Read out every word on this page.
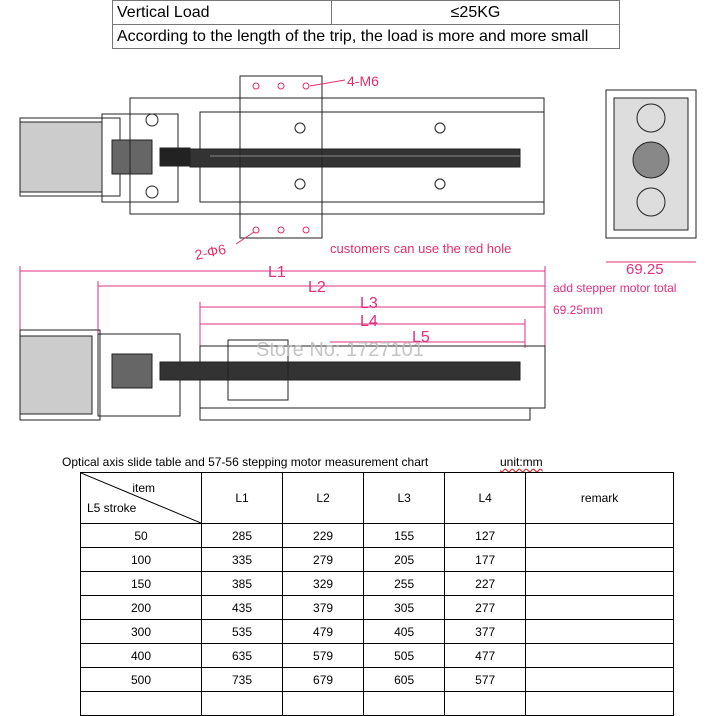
Vertical Load	≤25KG
According to the length of the trip, the load is more and more small
4-M6
2-Φ6	customers can use the red hole
69.25
L1
L2
L3
L4
L5
add stepper motor total
69.25mm
Store No: 1727101
Optical axis slide table and 57-56 stepping motor measurement chart	unit:mm
item
L5 stroke	L1	L2	L3	L4	remark
50	285	229	155	127	
100	335	279	205	177	
150	385	329	255	227	
200	435	379	305	277	
300	535	479	405	377	
400	635	579	505	477	
500	735	679	605	577	
